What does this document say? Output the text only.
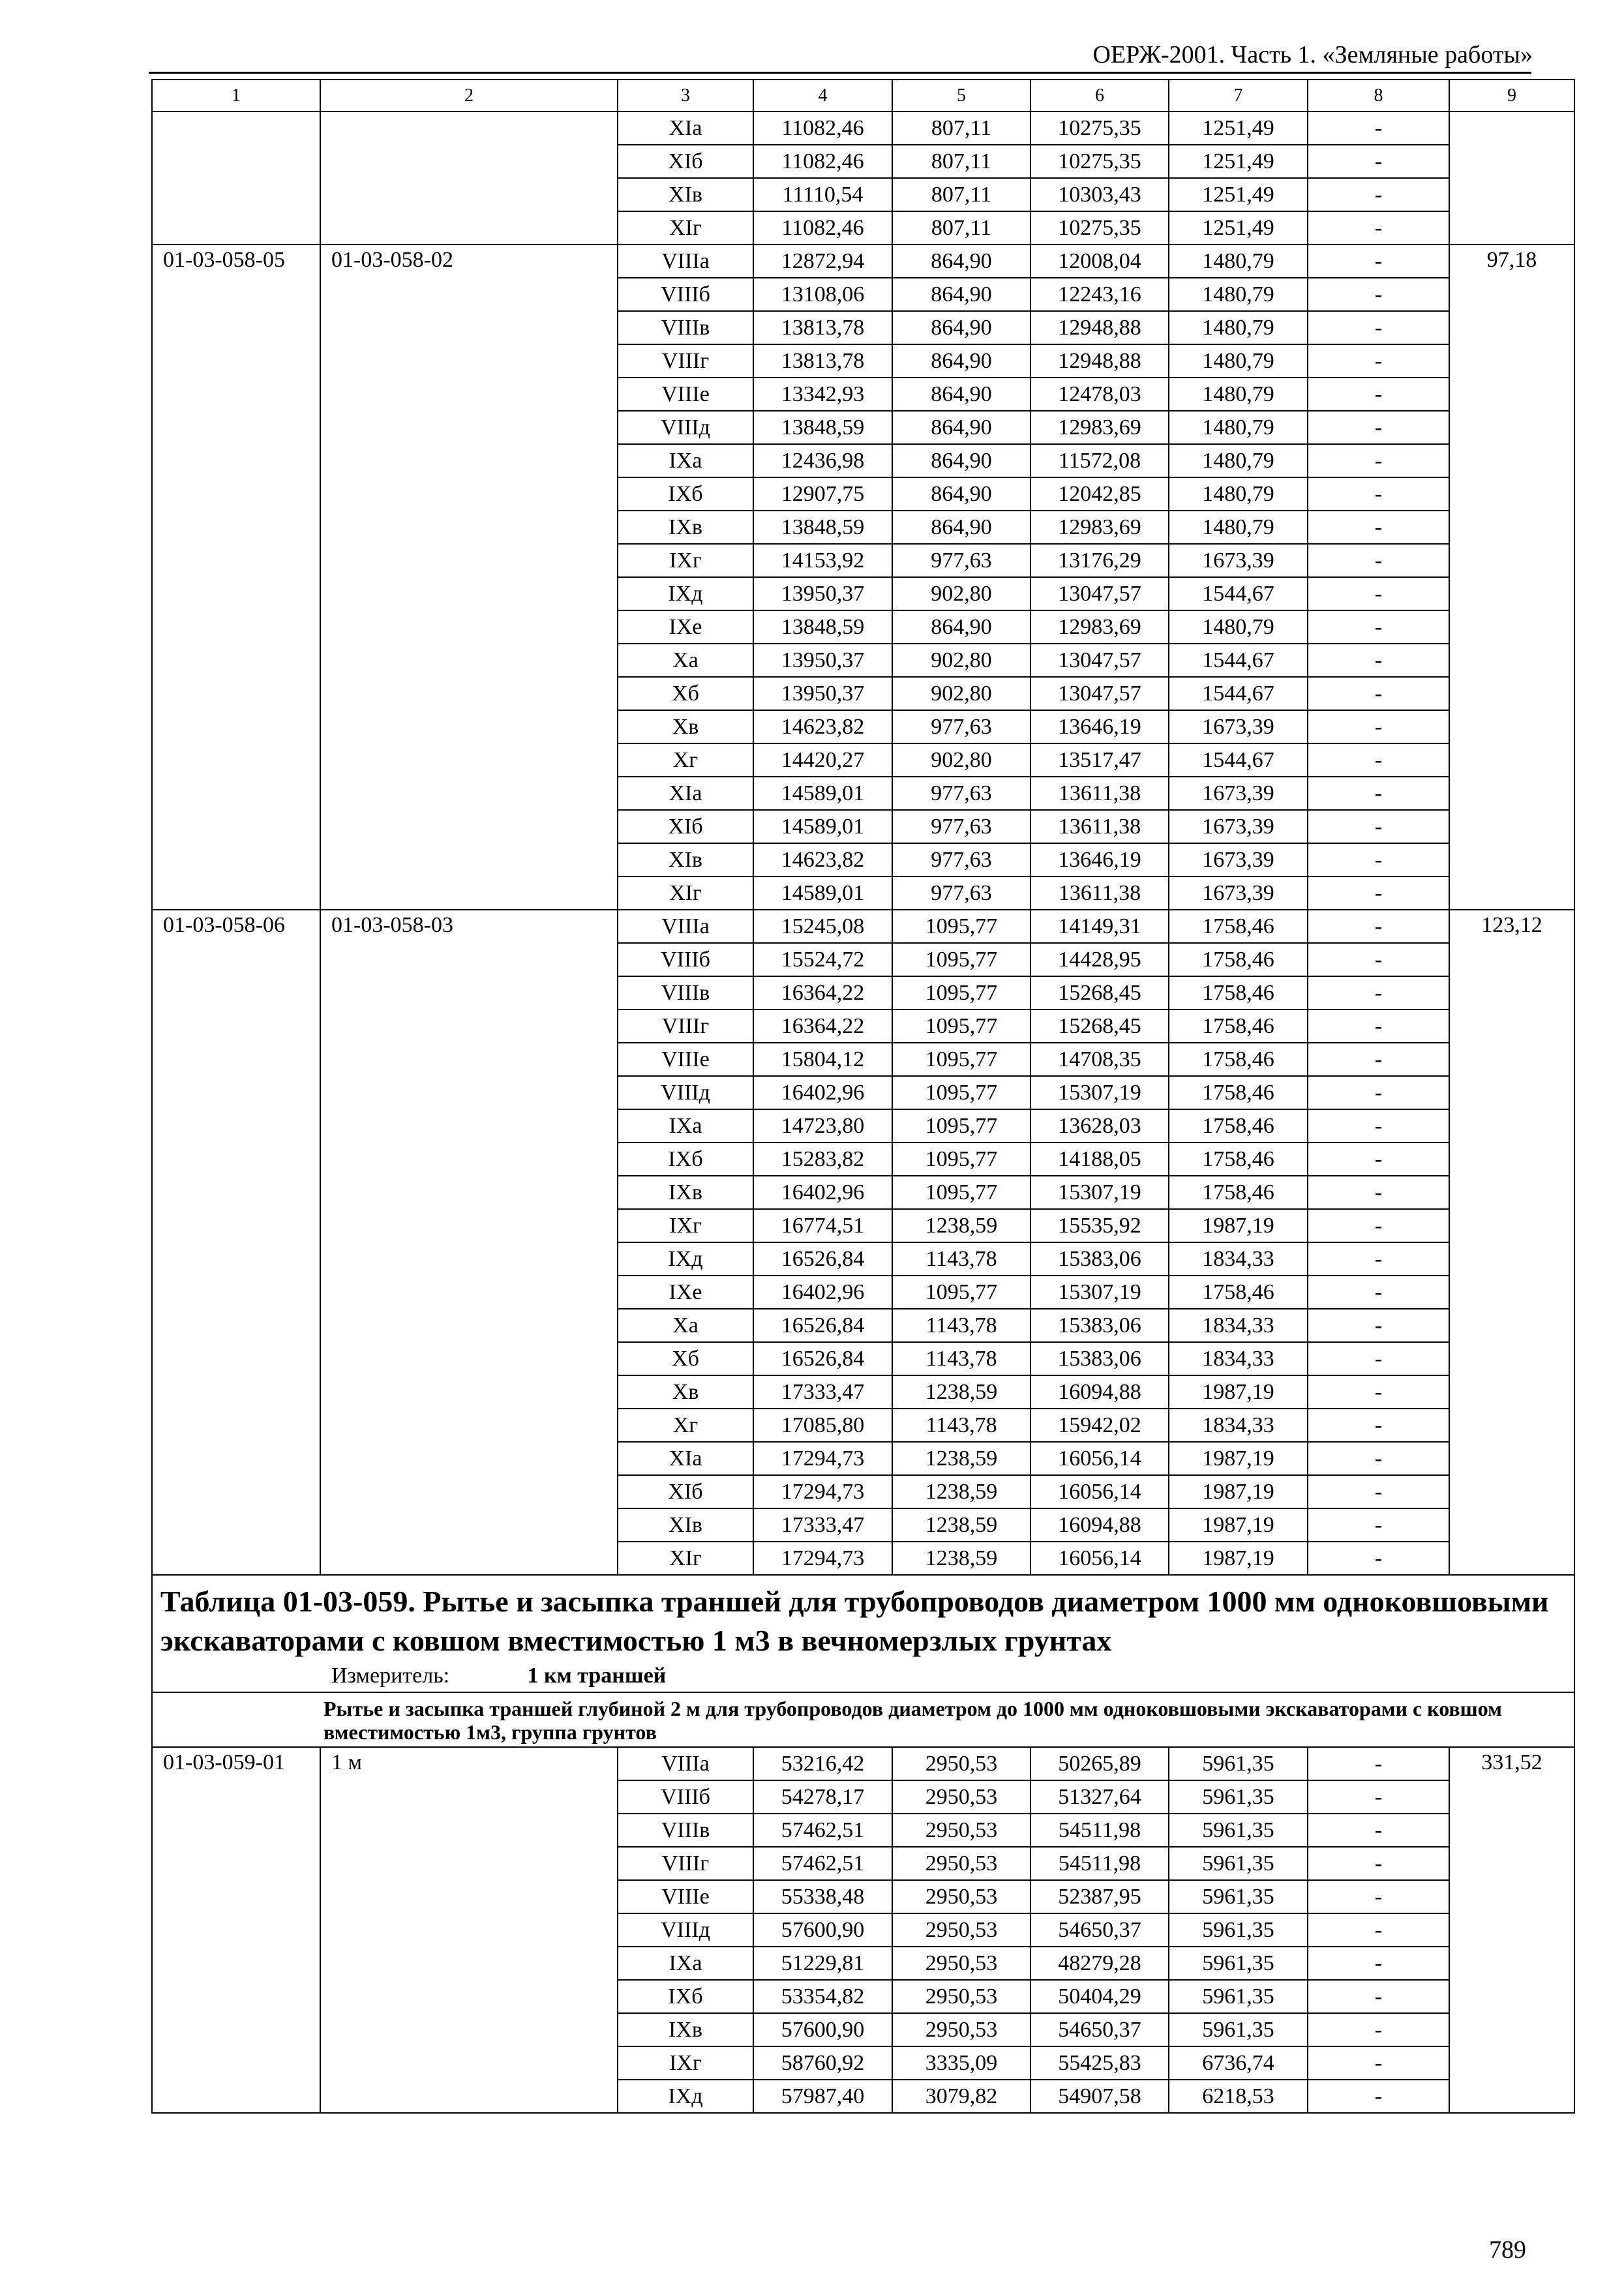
ОЕРЖ-2001. Часть 1. «Земляные работы»
1	2	3	4	5	6	7	8	9
		XIа	11082,46	807,11	10275,35	1251,49	-	
		XIб	11082,46	807,11	10275,35	1251,49	-	
		XIв	11110,54	807,11	10303,43	1251,49	-	
		XIг	11082,46	807,11	10275,35	1251,49	-	
01-03-058-05	01-03-058-02	VIIIа	12872,94	864,90	12008,04	1480,79	-	97,18
		VIIIб	13108,06	864,90	12243,16	1480,79	-	
		VIIIв	13813,78	864,90	12948,88	1480,79	-	
		VIIIг	13813,78	864,90	12948,88	1480,79	-	
		VIIIе	13342,93	864,90	12478,03	1480,79	-	
		VIIIд	13848,59	864,90	12983,69	1480,79	-	
		IXа	12436,98	864,90	11572,08	1480,79	-	
		IXб	12907,75	864,90	12042,85	1480,79	-	
		IXв	13848,59	864,90	12983,69	1480,79	-	
		IXг	14153,92	977,63	13176,29	1673,39	-	
		IXд	13950,37	902,80	13047,57	1544,67	-	
		IXе	13848,59	864,90	12983,69	1480,79	-	
		Xа	13950,37	902,80	13047,57	1544,67	-	
		Xб	13950,37	902,80	13047,57	1544,67	-	
		Xв	14623,82	977,63	13646,19	1673,39	-	
		Xг	14420,27	902,80	13517,47	1544,67	-	
		XIа	14589,01	977,63	13611,38	1673,39	-	
		XIб	14589,01	977,63	13611,38	1673,39	-	
		XIв	14623,82	977,63	13646,19	1673,39	-	
		XIг	14589,01	977,63	13611,38	1673,39	-	
01-03-058-06	01-03-058-03	VIIIа	15245,08	1095,77	14149,31	1758,46	-	123,12
		VIIIб	15524,72	1095,77	14428,95	1758,46	-	
		VIIIв	16364,22	1095,77	15268,45	1758,46	-	
		VIIIг	16364,22	1095,77	15268,45	1758,46	-	
		VIIIе	15804,12	1095,77	14708,35	1758,46	-	
		VIIIд	16402,96	1095,77	15307,19	1758,46	-	
		IXа	14723,80	1095,77	13628,03	1758,46	-	
		IXб	15283,82	1095,77	14188,05	1758,46	-	
		IXв	16402,96	1095,77	15307,19	1758,46	-	
		IXг	16774,51	1238,59	15535,92	1987,19	-	
		IXд	16526,84	1143,78	15383,06	1834,33	-	
		IXе	16402,96	1095,77	15307,19	1758,46	-	
		Xа	16526,84	1143,78	15383,06	1834,33	-	
		Xб	16526,84	1143,78	15383,06	1834,33	-	
		Xв	17333,47	1238,59	16094,88	1987,19	-	
		Xг	17085,80	1143,78	15942,02	1834,33	-	
		XIа	17294,73	1238,59	16056,14	1987,19	-	
		XIб	17294,73	1238,59	16056,14	1987,19	-	
		XIв	17333,47	1238,59	16094,88	1987,19	-	
		XIг	17294,73	1238,59	16056,14	1987,19	-	

Таблица 01-03-059. Рытье и засыпка траншей для трубопроводов диаметром 1000 мм одноковшовыми экскаваторами с ковшом вместимостью 1 м3 в вечномерзлых грунтах
Измеритель: 1 км траншей								

Рытье и засыпка траншей глубиной 2 м для трубопроводов диаметром до 1000 мм одноковшовыми экскаваторами с ковшом вместимостью 1м3, группа грунтов								
01-03-059-01	1 м	VIIIа	53216,42	2950,53	50265,89	5961,35	-	331,52
		VIIIб	54278,17	2950,53	51327,64	5961,35	-	
		VIIIв	57462,51	2950,53	54511,98	5961,35	-	
		VIIIг	57462,51	2950,53	54511,98	5961,35	-	
		VIIIе	55338,48	2950,53	52387,95	5961,35	-	
		VIIIд	57600,90	2950,53	54650,37	5961,35	-	
		IXа	51229,81	2950,53	48279,28	5961,35	-	
		IXб	53354,82	2950,53	50404,29	5961,35	-	
		IXв	57600,90	2950,53	54650,37	5961,35	-	
		IXг	58760,92	3335,09	55425,83	6736,74	-	
		IXд	57987,40	3079,82	54907,58	6218,53	-	
789
